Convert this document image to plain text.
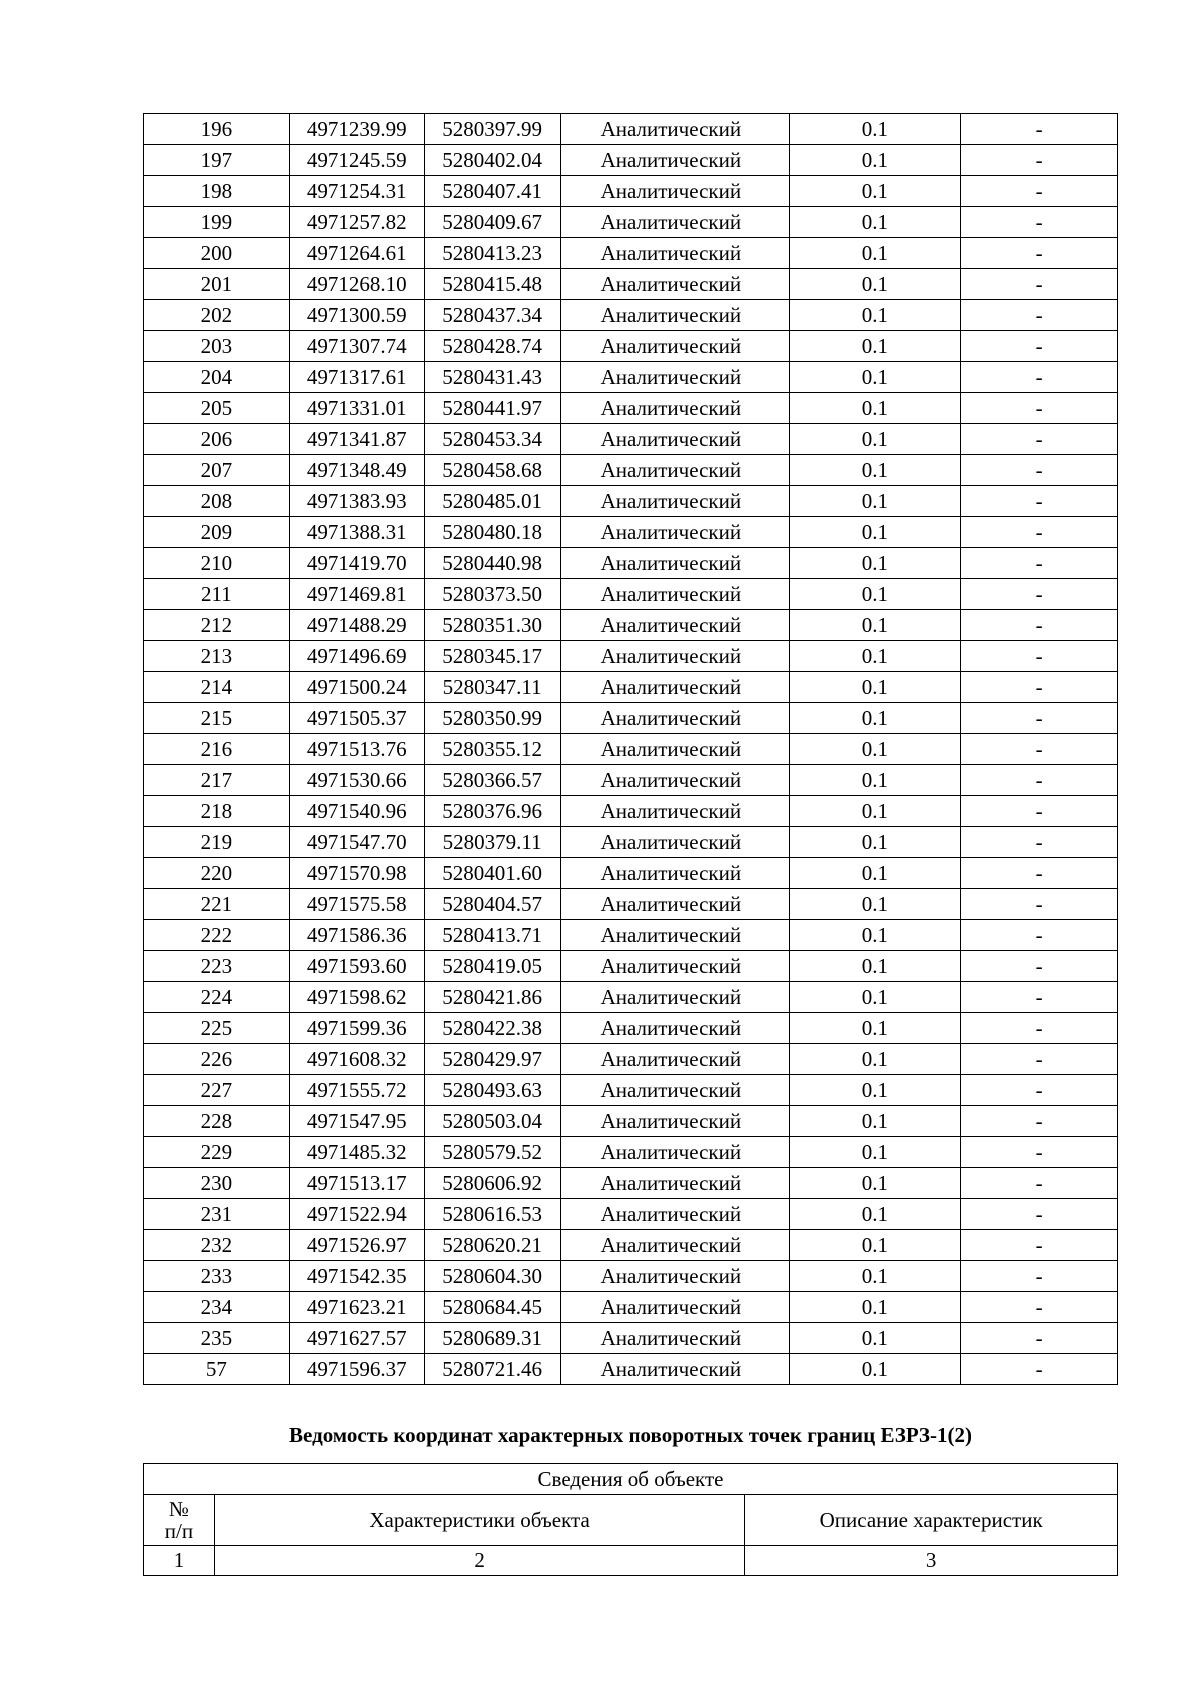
196	4971239.99	5280397.99	Аналитический	0.1	-
197	4971245.59	5280402.04	Аналитический	0.1	-
198	4971254.31	5280407.41	Аналитический	0.1	-
199	4971257.82	5280409.67	Аналитический	0.1	-
200	4971264.61	5280413.23	Аналитический	0.1	-
201	4971268.10	5280415.48	Аналитический	0.1	-
202	4971300.59	5280437.34	Аналитический	0.1	-
203	4971307.74	5280428.74	Аналитический	0.1	-
204	4971317.61	5280431.43	Аналитический	0.1	-
205	4971331.01	5280441.97	Аналитический	0.1	-
206	4971341.87	5280453.34	Аналитический	0.1	-
207	4971348.49	5280458.68	Аналитический	0.1	-
208	4971383.93	5280485.01	Аналитический	0.1	-
209	4971388.31	5280480.18	Аналитический	0.1	-
210	4971419.70	5280440.98	Аналитический	0.1	-
211	4971469.81	5280373.50	Аналитический	0.1	-
212	4971488.29	5280351.30	Аналитический	0.1	-
213	4971496.69	5280345.17	Аналитический	0.1	-
214	4971500.24	5280347.11	Аналитический	0.1	-
215	4971505.37	5280350.99	Аналитический	0.1	-
216	4971513.76	5280355.12	Аналитический	0.1	-
217	4971530.66	5280366.57	Аналитический	0.1	-
218	4971540.96	5280376.96	Аналитический	0.1	-
219	4971547.70	5280379.11	Аналитический	0.1	-
220	4971570.98	5280401.60	Аналитический	0.1	-
221	4971575.58	5280404.57	Аналитический	0.1	-
222	4971586.36	5280413.71	Аналитический	0.1	-
223	4971593.60	5280419.05	Аналитический	0.1	-
224	4971598.62	5280421.86	Аналитический	0.1	-
225	4971599.36	5280422.38	Аналитический	0.1	-
226	4971608.32	5280429.97	Аналитический	0.1	-
227	4971555.72	5280493.63	Аналитический	0.1	-
228	4971547.95	5280503.04	Аналитический	0.1	-
229	4971485.32	5280579.52	Аналитический	0.1	-
230	4971513.17	5280606.92	Аналитический	0.1	-
231	4971522.94	5280616.53	Аналитический	0.1	-
232	4971526.97	5280620.21	Аналитический	0.1	-
233	4971542.35	5280604.30	Аналитический	0.1	-
234	4971623.21	5280684.45	Аналитический	0.1	-
235	4971627.57	5280689.31	Аналитический	0.1	-
57	4971596.37	5280721.46	Аналитический	0.1	-
Ведомость координат характерных поворотных точек границ ЕЗРЗ-1(2)
Сведения об объекте		
№
п/п	Характеристики объекта	Описание характеристик
1	2	3
